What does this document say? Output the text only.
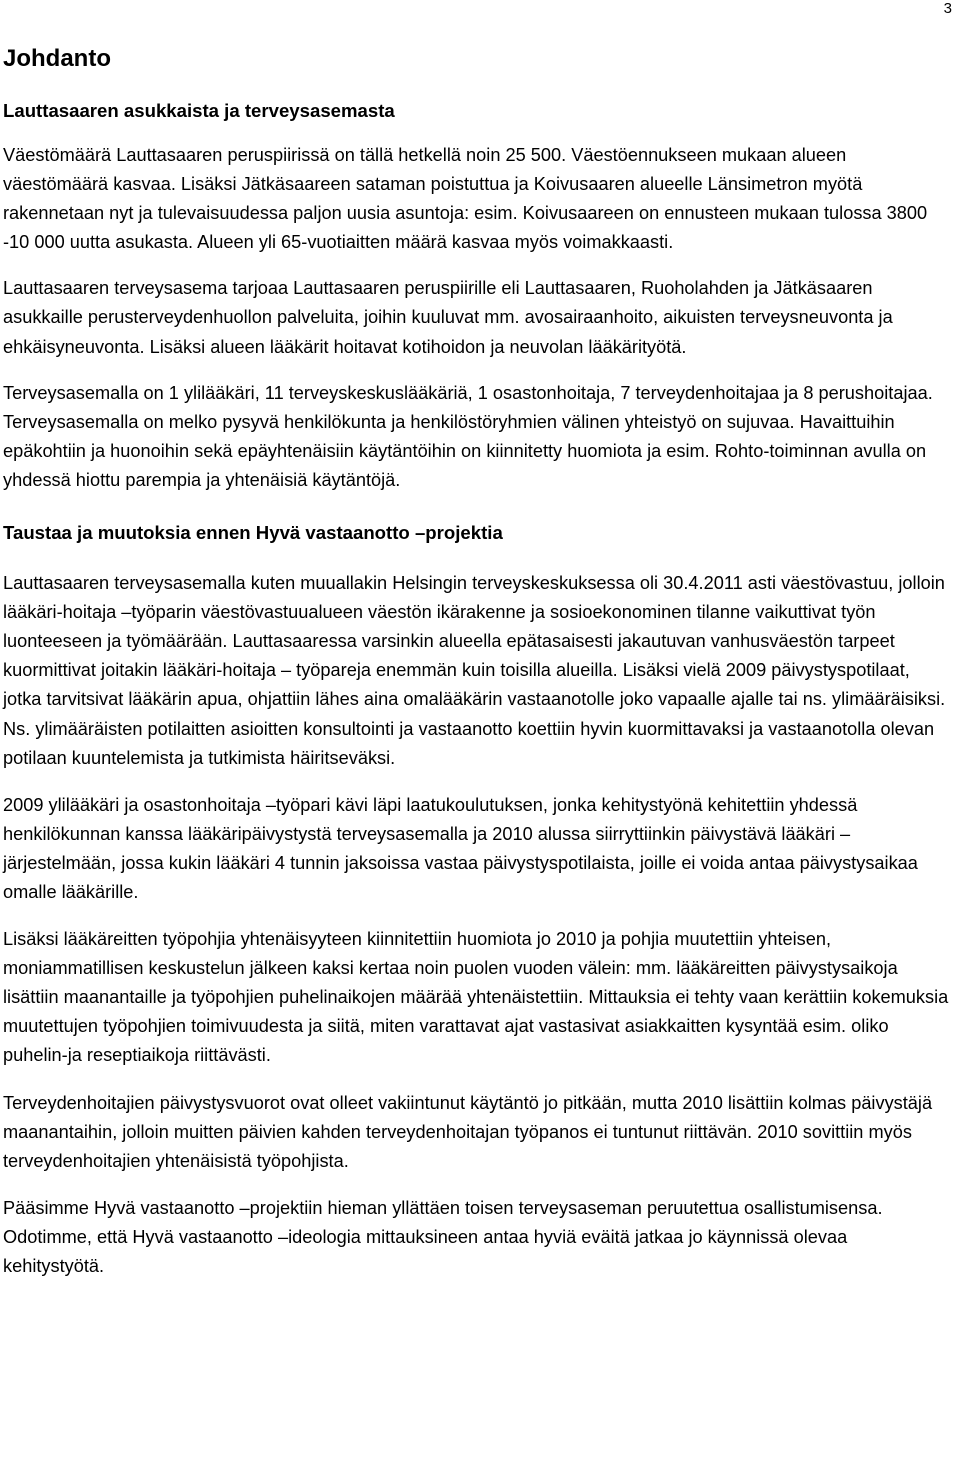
3
Johdanto
Lauttasaaren asukkaista ja terveysasemasta

Väestömäärä Lauttasaaren peruspiirissä on tällä hetkellä noin 25 500. Väestöennukseen mukaan alueen väestömäärä kasvaa. Lisäksi Jätkäsaareen sataman poistuttua ja Koivusaaren alueelle Länsimetron myötä rakennetaan nyt ja tulevaisuudessa paljon uusia asuntoja: esim. Koivusaareen on ennusteen mukaan tulossa 3800 -10 000 uutta asukasta. Alueen yli 65-vuotiaitten määrä kasvaa myös voimakkaasti.

Lauttasaaren terveysasema tarjoaa Lauttasaaren peruspiirille eli Lauttasaaren, Ruoholahden ja Jätkäsaaren asukkaille perusterveydenhuollon palveluita, joihin kuuluvat mm. avosairaanhoito, aikuisten terveysneuvonta ja ehkäisyneuvonta. Lisäksi alueen lääkärit hoitavat kotihoidon ja neuvolan lääkärityötä.

Terveysasemalla on 1 ylilääkäri, 11 terveyskeskuslääkäriä, 1 osastonhoitaja, 7 terveydenhoitajaa ja 8 perushoitajaa. Terveysasemalla on melko pysyvä henkilökunta ja henkilöstöryhmien välinen yhteistyö on sujuvaa. Havaittuihin epäkohtiin ja huonoihin sekä epäyhtenäisiin käytäntöihin on kiinnitetty huomiota ja esim. Rohto-toiminnan avulla on yhdessä hiottu parempia ja yhtenäisiä käytäntöjä.

Taustaa ja muutoksia ennen Hyvä vastaanotto –projektia

Lauttasaaren terveysasemalla kuten muuallakin Helsingin terveyskeskuksessa oli 30.4.2011 asti väestövastuu, jolloin lääkäri-hoitaja –työparin väestövastuualueen väestön ikärakenne ja sosioekonominen tilanne vaikuttivat työn luonteeseen ja työmäärään. Lauttasaaressa varsinkin alueella epätasaisesti jakautuvan vanhusväestön tarpeet kuormittivat joitakin lääkäri-hoitaja – työpareja enemmän kuin toisilla alueilla. Lisäksi vielä 2009 päivystyspotilaat, jotka tarvitsivat lääkärin apua, ohjattiin lähes aina omalääkärin vastaanotolle joko vapaalle ajalle tai ns. ylimääräisiksi. Ns. ylimääräisten potilaitten asioitten konsultointi ja vastaanotto koettiin hyvin kuormittavaksi ja vastaanotolla olevan potilaan kuuntelemista ja tutkimista häiritseväksi.

2009 ylilääkäri ja osastonhoitaja –työpari kävi läpi laatukoulutuksen, jonka kehitystyönä kehitettiin yhdessä henkilökunnan kanssa lääkäripäivystystä terveysasemalla ja 2010 alussa siirryttiinkin päivystävä lääkäri –järjestelmään, jossa kukin lääkäri 4 tunnin jaksoissa vastaa päivystyspotilaista, joille ei voida antaa päivystysaikaa omalle lääkärille.

Lisäksi lääkäreitten työpohjia yhtenäisyyteen kiinnitettiin huomiota jo 2010 ja pohjia muutettiin yhteisen, moniammatillisen keskustelun jälkeen kaksi kertaa noin puolen vuoden välein: mm. lääkäreitten päivystysaikoja lisättiin maanantaille ja työpohjien puhelinaikojen määrää yhtenäistettiin. Mittauksia ei tehty vaan kerättiin kokemuksia muutettujen työpohjien toimivuudesta ja siitä, miten varattavat ajat vastasivat asiakkaitten kysyntää esim. oliko puhelin-ja reseptiaikoja riittävästi.

Terveydenhoitajien päivystysvuorot ovat olleet vakiintunut käytäntö jo pitkään, mutta 2010 lisättiin kolmas päivystäjä maanantaihin, jolloin muitten päivien kahden terveydenhoitajan työpanos ei tuntunut riittävän. 2010 sovittiin myös terveydenhoitajien yhtenäisistä työpohjista.

Pääsimme Hyvä vastaanotto –projektiin hieman yllättäen toisen terveysaseman peruutettua osallistumisensa. Odotimme, että Hyvä vastaanotto –ideologia mittauksineen antaa hyviä eväitä jatkaa jo käynnissä olevaa kehitystyötä.
